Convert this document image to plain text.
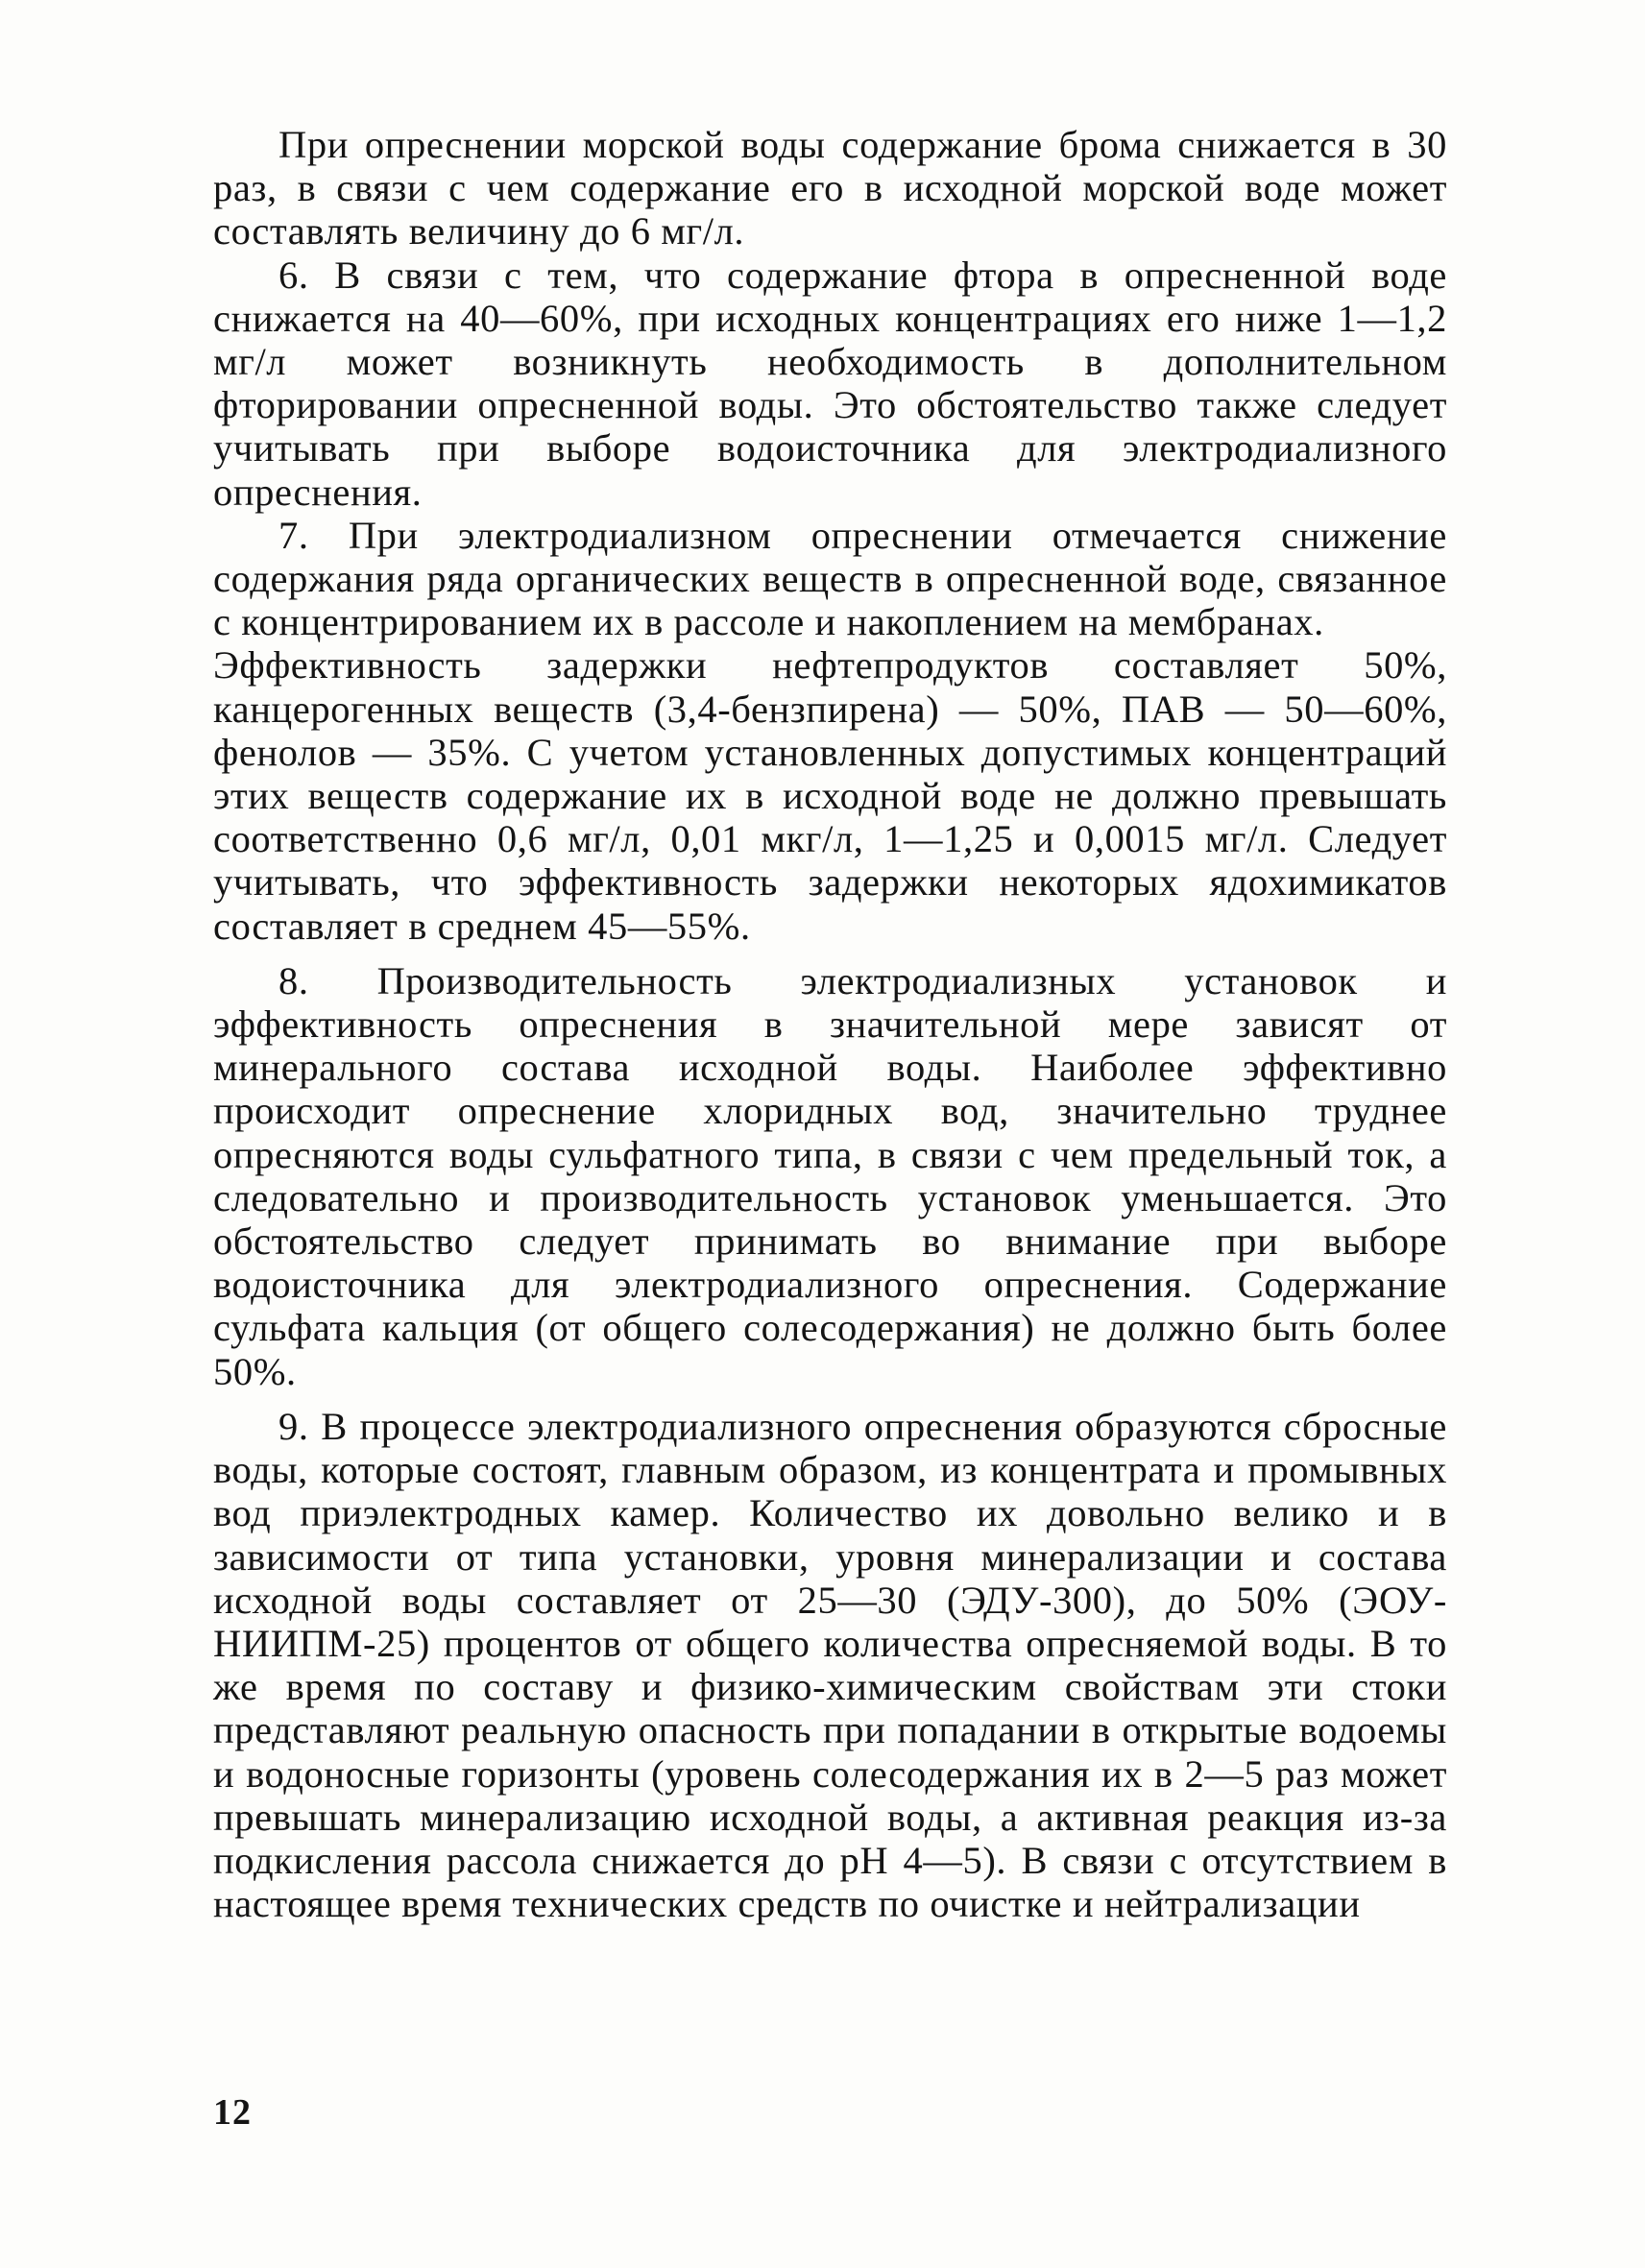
При опреснении морской воды содержание брома снижается в 30 раз, в связи с чем содержание его в исходной морской воде может составлять величину до 6 мг/л.

6. В связи с тем, что содержание фтора в опресненной воде снижается на 40—60%, при исходных концентрациях его ниже 1—1,2 мг/л может возникнуть необходимость в дополнительном фторировании опресненной воды. Это обстоятельство также следует учитывать при выборе водоисточника для электродиализного опреснения.

7. При электродиализном опреснении отмечается снижение содержания ряда органических веществ в опресненной воде, связанное с концентрированием их в рассоле и накоплением на мембранах.

Эффективность задержки нефтепродуктов составляет 50%, канцерогенных веществ (3,4-бензпирена) — 50%, ПАВ — 50—60%, фенолов — 35%. С учетом установленных допустимых концентраций этих веществ содержание их в исходной воде не должно превышать соответственно 0,6 мг/л, 0,01 мкг/л, 1—1,25 и 0,0015 мг/л. Следует учитывать, что эффективность задержки некоторых ядохимикатов составляет в среднем 45—55%.

8. Производительность электродиализных установок и эффективность опреснения в значительной мере зависят от минерального состава исходной воды. Наиболее эффективно происходит опреснение хлоридных вод, значительно труднее опресняются воды сульфатного типа, в связи с чем предельный ток, а следовательно и производительность установок уменьшается. Это обстоятельство следует принимать во внимание при выборе водоисточника для электродиализного опреснения. Содержание сульфата кальция (от общего солесодержания) не должно быть более 50%.

9. В процессе электродиализного опреснения образуются сбросные воды, которые состоят, главным образом, из концентрата и промывных вод приэлектродных камер. Количество их довольно велико и в зависимости от типа установки, уровня минерализации и состава исходной воды составляет от 25—30 (ЭДУ-300), до 50% (ЭОУ-НИИПМ-25) процентов от общего количества опресняемой воды. В то же время по составу и физико-химическим свойствам эти стоки представляют реальную опасность при попадании в открытые водоемы и водоносные горизонты (уровень солесодержания их в 2—5 раз может превышать минерализацию исходной воды, а активная реакция из-за подкисления рассола снижается до pH 4—5). В связи с отсутствием в настоящее время технических средств по очистке и нейтрализации

12
